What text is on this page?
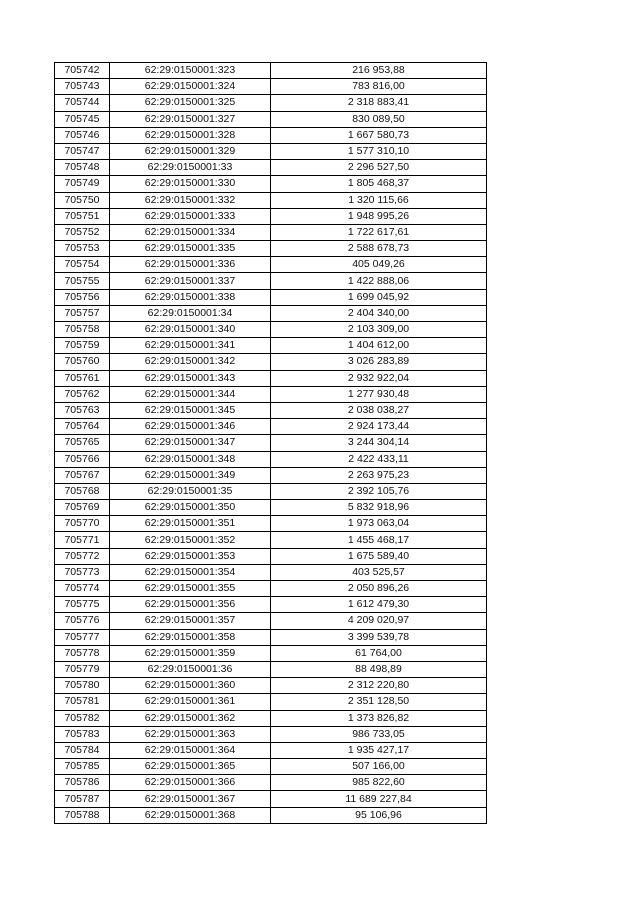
705742	62:29:0150001:323	216 953,88
705743	62:29:0150001:324	783 816,00
705744	62:29:0150001:325	2 318 883,41
705745	62:29:0150001:327	830 089,50
705746	62:29:0150001:328	1 667 580,73
705747	62:29:0150001:329	1 577 310,10
705748	62:29:0150001:33	2 296 527,50
705749	62:29:0150001:330	1 805 468,37
705750	62:29:0150001:332	1 320 115,66
705751	62:29:0150001:333	1 948 995,26
705752	62:29:0150001:334	1 722 617,61
705753	62:29:0150001:335	2 588 678,73
705754	62:29:0150001:336	405 049,26
705755	62:29:0150001:337	1 422 888,06
705756	62:29:0150001:338	1 699 045,92
705757	62:29:0150001:34	2 404 340,00
705758	62:29:0150001:340	2 103 309,00
705759	62:29:0150001:341	1 404 612,00
705760	62:29:0150001:342	3 026 283,89
705761	62:29:0150001:343	2 932 922,04
705762	62:29:0150001:344	1 277 930,48
705763	62:29:0150001:345	2 038 038,27
705764	62:29:0150001:346	2 924 173,44
705765	62:29:0150001:347	3 244 304,14
705766	62:29:0150001:348	2 422 433,11
705767	62:29:0150001:349	2 263 975,23
705768	62:29:0150001:35	2 392 105,76
705769	62:29:0150001:350	5 832 918,96
705770	62:29:0150001:351	1 973 063,04
705771	62:29:0150001:352	1 455 468,17
705772	62:29:0150001:353	1 675 589,40
705773	62:29:0150001:354	403 525,57
705774	62:29:0150001:355	2 050 896,26
705775	62:29:0150001:356	1 612 479,30
705776	62:29:0150001:357	4 209 020,97
705777	62:29:0150001:358	3 399 539,78
705778	62:29:0150001:359	61 764,00
705779	62:29:0150001:36	88 498,89
705780	62:29:0150001:360	2 312 220,80
705781	62:29:0150001:361	2 351 128,50
705782	62:29:0150001:362	1 373 826,82
705783	62:29:0150001:363	986 733,05
705784	62:29:0150001:364	1 935 427,17
705785	62:29:0150001:365	507 166,00
705786	62:29:0150001:366	985 822,60
705787	62:29:0150001:367	11 689 227,84
705788	62:29:0150001:368	95 106,96
